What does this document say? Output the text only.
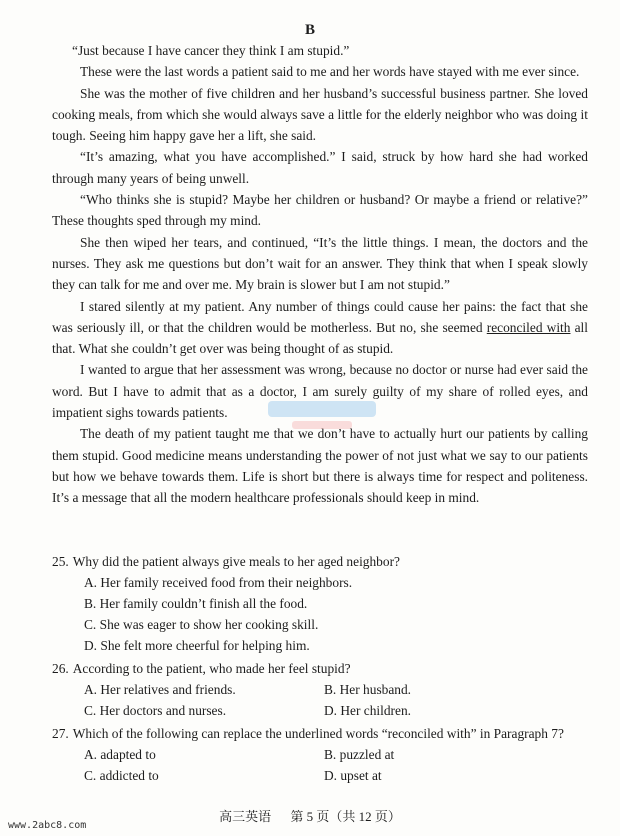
B

“Just because I have cancer they think I am stupid.”

These were the last words a patient said to me and her words have stayed with me ever since.

She was the mother of five children and her husband’s successful business partner. She loved cooking meals, from which she would always save a little for the elderly neighbor who was doing it tough. Seeing him happy gave her a lift, she said.

“It’s amazing, what you have accomplished.” I said, struck by how hard she had worked through many years of being unwell.

“Who thinks she is stupid? Maybe her children or husband? Or maybe a friend or relative?” These thoughts sped through my mind.

She then wiped her tears, and continued, “It’s the little things. I mean, the doctors and the nurses. They ask me questions but don’t wait for an answer. They think that when I speak slowly they can talk for me and over me. My brain is slower but I am not stupid.”

I stared silently at my patient. Any number of things could cause her pains: the fact that she was seriously ill, or that the children would be motherless. But no, she seemed reconciled with all that. What she couldn’t get over was being thought of as stupid.

I wanted to argue that her assessment was wrong, because no doctor or nurse had ever said the word. But I have to admit that as a doctor, I am surely guilty of my share of rolled eyes, and impatient sighs towards patients.

The death of my patient taught me that we don’t have to actually hurt our patients by calling them stupid. Good medicine means understanding the power of not just what we say to our patients but how we behave towards them. Life is short but there is always time for respect and politeness. It’s a message that all the modern healthcare professionals should keep in mind.

25. Why did the patient always give meals to her aged neighbor?

A. Her family received food from their neighbors.
B. Her family couldn’t finish all the food.
C. She was eager to show her cooking skill.
D. She felt more cheerful for helping him.

26. According to the patient, who made her feel stupid?

A. Her relatives and friends.	B. Her husband.
C. Her doctors and nurses.	D. Her children.

27. Which of the following can replace the underlined words “reconciled with” in Paragraph 7?

A. adapted to	B. puzzled at
C. addicted to	D. upset at
高三英语 第 5 页（共 12 页）
www.2abc8.com
